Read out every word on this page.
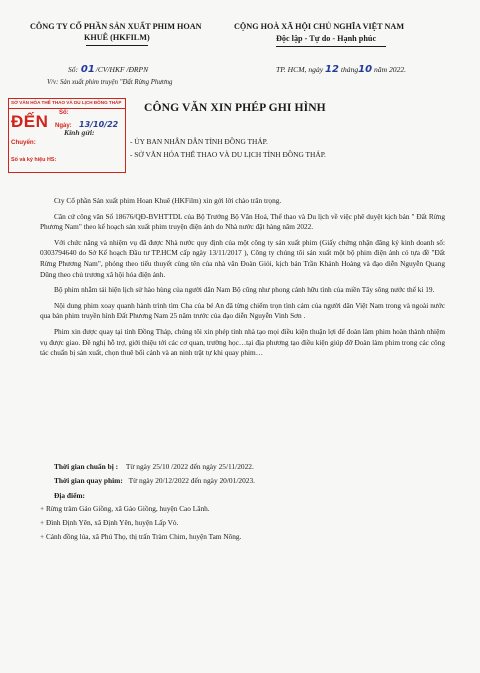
CÔNG TY CỔ PHẦN SẢN XUẤT PHIM HOAN
KHUÊ (HKFILM)
CỘNG HOÀ XÃ HỘI CHỦ NGHĨA VIỆT NAM
Độc lập - Tự do - Hạnh phúc
Số: 01/CV/HKF /ĐRPN
V/v: Sản xuất phim truyện "Đất Rừng Phương
TP. HCM, ngày 12 tháng10 năm 2022.
SỞ VĂN HÓA THỂ THAO VÀ DU LỊCH ĐỒNG THÁP
ĐẾN Số:
Ngày: 13/10/22
Chuyển:
Số và ký hiệu HS:
CÔNG VĂN XIN PHÉP GHI HÌNH
Kính gửi:
- ỦY BAN NHÂN DÂN TỈNH ĐỒNG THÁP.
- SỞ VĂN HÓA THỂ THAO VÀ DU LỊCH TỈNH ĐỒNG THÁP.

Cty Cổ phần Sản xuất phim Hoan Khuê (HKFilm) xin gởi lời chào trân trọng.

Căn cứ công văn Số 18676/QĐ-BVHTTDL của Bộ Trưởng Bộ Văn Hoá, Thể thao và Du lịch về việc phê duyệt kịch bản " Đất Rừng Phương Nam" theo kế hoạch sản xuất phim truyện điện ảnh do Nhà nước đặt hàng năm 2022.

Với chức năng và nhiệm vụ đã được Nhà nước quy định của một công ty sản xuất phim (Giấy chứng nhận đăng ký kinh doanh số: 0303794640 do Sở Kế hoạch Đầu tư TP.HCM cấp ngày 13/11/2017 ), Công ty chúng tôi sản xuất một bộ phim điện ảnh có tựa đề "Đất Rừng Phương Nam", phóng theo tiểu thuyết cùng tên của nhà văn Đoàn Giỏi, kịch bản Trần Khánh Hoàng và đạo diễn Nguyễn Quang Dũng theo chủ trương xã hội hóa điện ảnh.

Bộ phim nhằm tái hiện lịch sử hào hùng của người dân Nam Bộ cũng như phong cảnh hữu tình của miền Tây sông nước thế kỉ 19.

Nội dung phim xoay quanh hành trình tìm Cha của bé An đã từng chiếm trọn tình cảm của người dân Việt Nam trong và ngoài nước qua bản phim truyền hình Đất Phương Nam 25 năm trước của đạo diễn Nguyễn Vinh Sơn .

Phim xin được quay tại tỉnh Đồng Tháp, chúng tôi xin phép tỉnh nhà tạo mọi điều kiện thuận lợi để đoàn làm phim hoàn thành nhiệm vụ được giao. Đề nghị hỗ trợ, giới thiệu tới các cơ quan, trường học…tại địa phương tạo điều kiện giúp đỡ Đoàn làm phim trong các công tác chuẩn bị sản xuất, chọn thuê bối cảnh và an ninh trật tự khi quay phim…

Thời gian chuẩn bị : Từ ngày 25/10 /2022 đến ngày 25/11/2022.
Thời gian quay phim: Từ ngày 20/12/2022 đến ngày 20/01/2023.
Địa điểm:
+ Rừng tràm Gáo Giồng, xã Gáo Giồng, huyện Cao Lãnh.
+ Đình Định Yên, xã Định Yên, huyện Lấp Vò.
+ Cánh đồng lúa, xã Phú Thọ, thị trấn Tràm Chim, huyện Tam Nông.
